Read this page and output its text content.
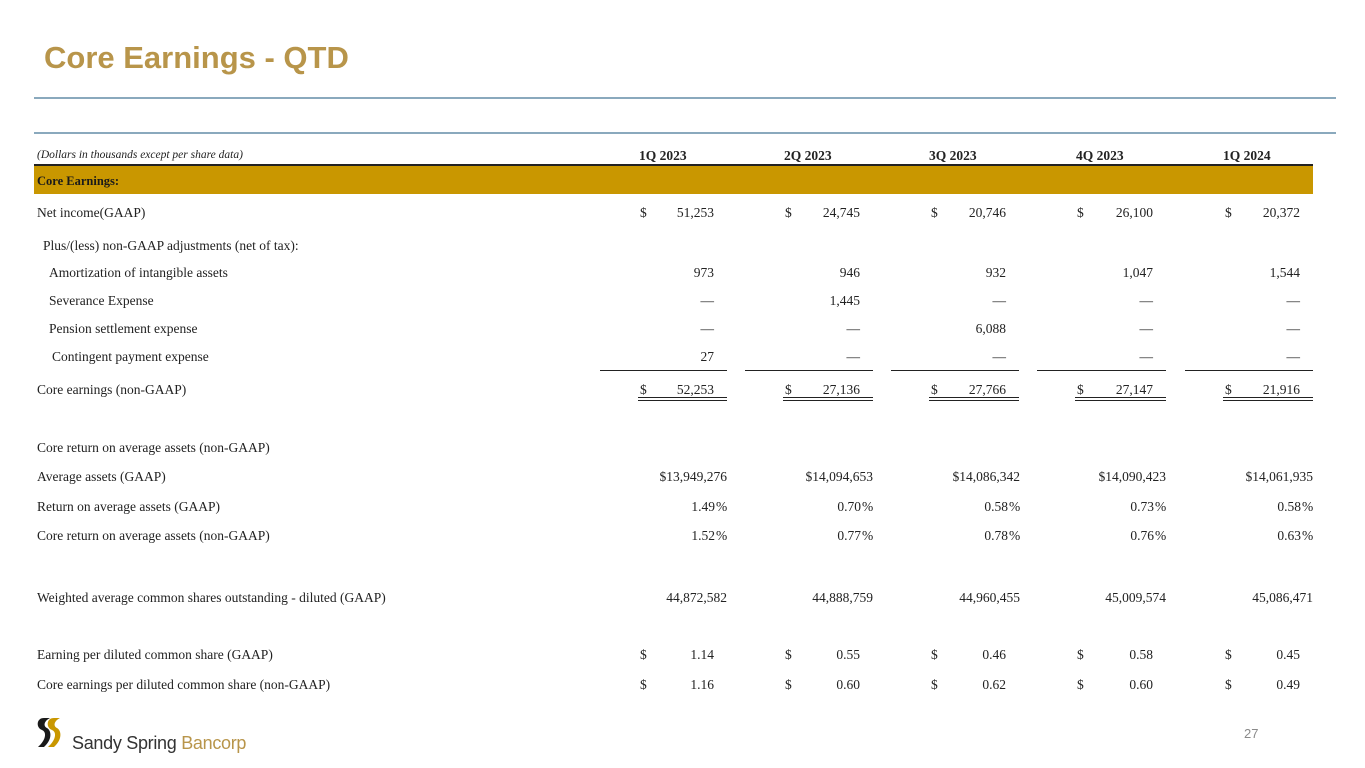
Core Earnings - QTD
(Dollars in thousands except per share data)	1Q 2023	2Q 2023	3Q 2023	4Q 2023	1Q 2024
Core Earnings:
Net income(GAAP)	$	51,253	$	24,745	$	20,746	$	26,100	$	20,372
Plus/(less) non-GAAP adjustments (net of tax):
Amortization of intangible assets	973	946	932	1,047	1,544
Severance Expense	—	1,445	—	—	—
Pension settlement expense	—	—	6,088	—	—
Contingent payment expense	27	—	—	—	—
Core earnings (non-GAAP)	$	52,253	$	27,136	$	27,766	$	27,147	$	21,916
Core return on average assets (non-GAAP)
Average assets (GAAP)	$13,949,276	$14,094,653	$14,086,342	$14,090,423	$14,061,935
Return on average assets (GAAP)	1.49 %	0.70 %	0.58 %	0.73 %	0.58 %
Core return on average assets (non-GAAP)	1.52 %	0.77 %	0.78 %	0.76 %	0.63 %
Weighted average common shares outstanding - diluted (GAAP)	44,872,582	44,888,759	44,960,455	45,009,574	45,086,471
Earning per diluted common share (GAAP)	$	1.14	$	0.55	$	0.46	$	0.58	$	0.45
Core earnings per diluted common share (non-GAAP)	$	1.16	$	0.60	$	0.62	$	0.60	$	0.49
Sandy Spring Bancorp	27
